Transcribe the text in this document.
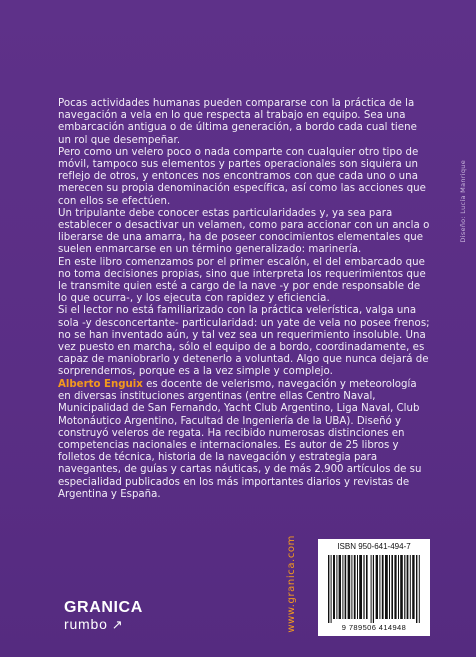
Pocas actividades humanas pueden compararse con la práctica de la navegación a vela en lo que respecta al trabajo en equipo. Sea una embarcación antigua o de última generación, a bordo cada cual tiene un rol que desempeñar.

Pero como un velero poco o nada comparte con cualquier otro tipo de móvil, tampoco sus elementos y partes operacionales son siquiera un reflejo de otros, y entonces nos encontramos con que cada uno o una merecen su propia denominación específica, así como las acciones que con ellos se efectúen.

Un tripulante debe conocer estas particularidades y, ya sea para establecer o desactivar un velamen, como para accionar con un ancla o liberarse de una amarra, ha de poseer conocimientos elementales que suelen enmarcarse en un término generalizado: marinería.

En este libro comenzamos por el primer escalón, el del embarcado que no toma decisiones propias, sino que interpreta los requerimientos que le transmite quien esté a cargo de la nave -y por ende responsable de lo que ocurra-, y los ejecuta con rapidez y eficiencia.

Si el lector no está familiarizado con la práctica velerística, valga una sola -y desconcertante- particularidad: un yate de vela no posee frenos; no se han inventado aún, y tal vez sea un requerimiento insoluble. Una vez puesto en marcha, sólo el equipo de a bordo, coordinadamente, es capaz de maniobrarlo y detenerlo a voluntad. Algo que nunca dejará de sorprendernos, porque es a la vez simple y complejo.

Alberto Enguix es docente de velerismo, navegación y meteorología en diversas instituciones argentinas (entre ellas Centro Naval, Municipalidad de San Fernando, Yacht Club Argentino, Liga Naval, Club Motonáutico Argentino, Facultad de Ingeniería de la UBA). Diseñó y construyó veleros de regata. Ha recibido numerosas distinciones en competencias nacionales e internacionales. Es autor de 25 libros y folletos de técnica, historia de la navegación y estrategia para navegantes, de guías y cartas náuticas, y de más 2.900 artículos de su especialidad publicados en los más importantes diarios y revistas de Argentina y España.
Diseño: Lucía Manrique
www.granica.com	ISBN 950-641-494-7
9 789506 414948
GRANICA
rumbo ↗
